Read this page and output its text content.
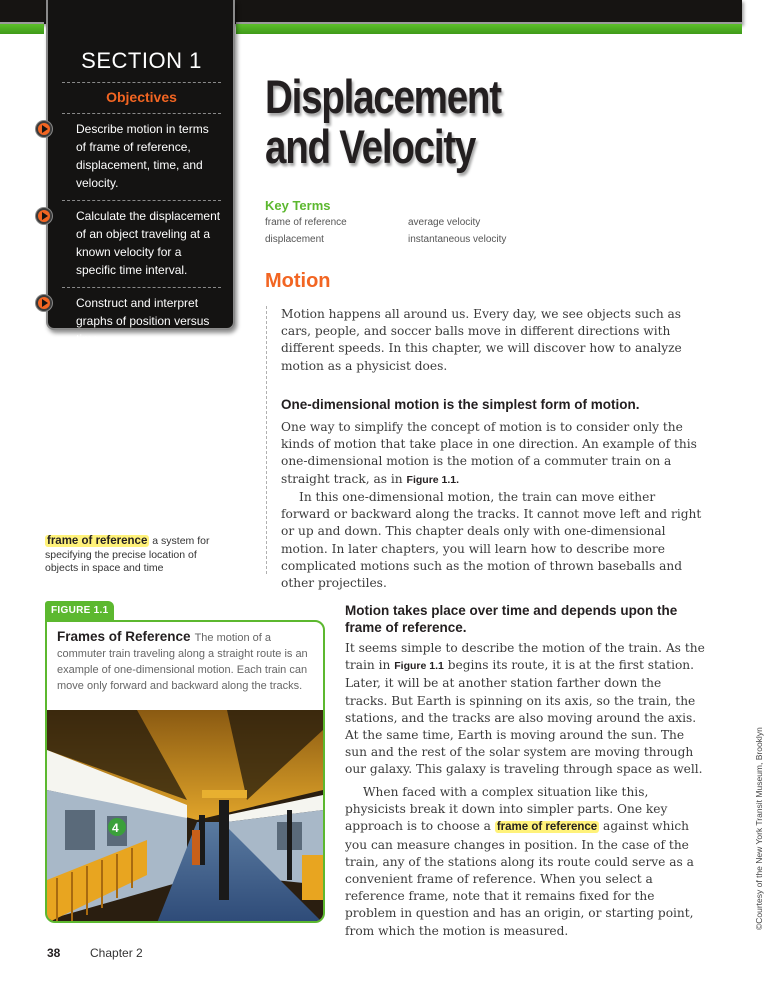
SECTION 1
Objectives
Describe motion in terms of frame of reference, displacement, time, and velocity.
Calculate the displacement of an object traveling at a known velocity for a specific time interval.
Construct and interpret graphs of position versus time.
Displacement
and Velocity
Key Terms
frame of reference	average velocity
displacement	instantaneous velocity
Motion

Motion happens all around us. Every day, we see objects such as cars, people, and soccer balls move in different directions with different speeds. In this chapter, we will discover how to analyze motion as a physicist does.

One-dimensional motion is the simplest form of motion.

One way to simplify the concept of motion is to consider only the kinds of motion that take place in one direction. An example of this one-dimensional motion is the motion of a commuter train on a straight track, as in Figure 1.1.

In this one-dimensional motion, the train can move either forward or backward along the tracks. It cannot move left and right or up and down. This chapter deals only with one-dimensional motion. In later chapters, you will learn how to describe more complicated motions such as the motion of thrown baseballs and other projectiles.

frame of reference a system for specifying the precise location of objects in space and time
FIGURE 1.1
Frames of Reference The motion of a commuter train traveling along a straight route is an example of one-dimensional motion. Each train can move only forward and backward along the tracks.
4
Motion takes place over time and depends upon the frame of reference.

It seems simple to describe the motion of the train. As the train in Figure 1.1 begins its route, it is at the first station. Later, it will be at another station farther down the tracks. But Earth is spinning on its axis, so the train, the stations, and the tracks are also moving around the axis. At the same time, Earth is moving around the sun. The sun and the rest of the solar system are moving through our galaxy. This galaxy is traveling through space as well.

When faced with a complex situation like this, physicists break it down into simpler parts. One key approach is to choose a frame of reference against which you can measure changes in position. In the case of the train, any of the stations along its route could serve as a convenient frame of reference. When you select a reference frame, note that it remains fixed for the problem in question and has an origin, or starting point, from which the motion is measured.

©Courtesy of the New York Transit Museum, Brooklyn
38 Chapter 2
